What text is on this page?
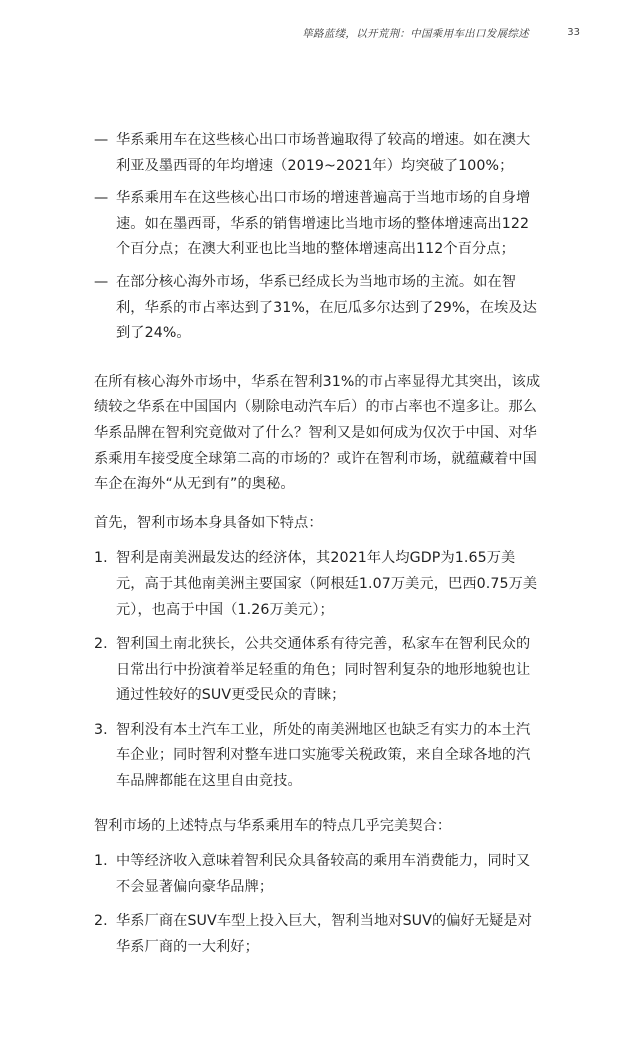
筚路蓝缕，以开荒荆：中国乘用车出口发展综述	33
— 华系乘用车在这些核心出口市场普遍取得了较高的增速。如在澳大利亚及墨西哥的年均增速（2019~2021年）均突破了100%；
— 华系乘用车在这些核心出口市场的增速普遍高于当地市场的自身增速。如在墨西哥，华系的销售增速比当地市场的整体增速高出122个百分点；在澳大利亚也比当地的整体增速高出112个百分点；
— 在部分核心海外市场，华系已经成长为当地市场的主流。如在智利，华系的市占率达到了31%，在厄瓜多尔达到了29%，在埃及达到了24%。

在所有核心海外市场中，华系在智利31%的市占率显得尤其突出，该成绩较之华系在中国国内（剔除电动汽车后）的市占率也不遑多让。那么华系品牌在智利究竟做对了什么？智利又是如何成为仅次于中国、对华系乘用车接受度全球第二高的市场的？或许在智利市场，就蕴藏着中国车企在海外“从无到有”的奥秘。

首先，智利市场本身具备如下特点：

1. 智利是南美洲最发达的经济体，其2021年人均GDP为1.65万美元，高于其他南美洲主要国家（阿根廷1.07万美元，巴西0.75万美元），也高于中国（1.26万美元）；
2. 智利国土南北狭长，公共交通体系有待完善，私家车在智利民众的日常出行中扮演着举足轻重的角色；同时智利复杂的地形地貌也让通过性较好的SUV更受民众的青睐；
3. 智利没有本土汽车工业，所处的南美洲地区也缺乏有实力的本土汽车企业；同时智利对整车进口实施零关税政策，来自全球各地的汽车品牌都能在这里自由竞技。

智利市场的上述特点与华系乘用车的特点几乎完美契合：

1. 中等经济收入意味着智利民众具备较高的乘用车消费能力，同时又不会显著偏向豪华品牌；
2. 华系厂商在SUV车型上投入巨大，智利当地对SUV的偏好无疑是对华系厂商的一大利好；
